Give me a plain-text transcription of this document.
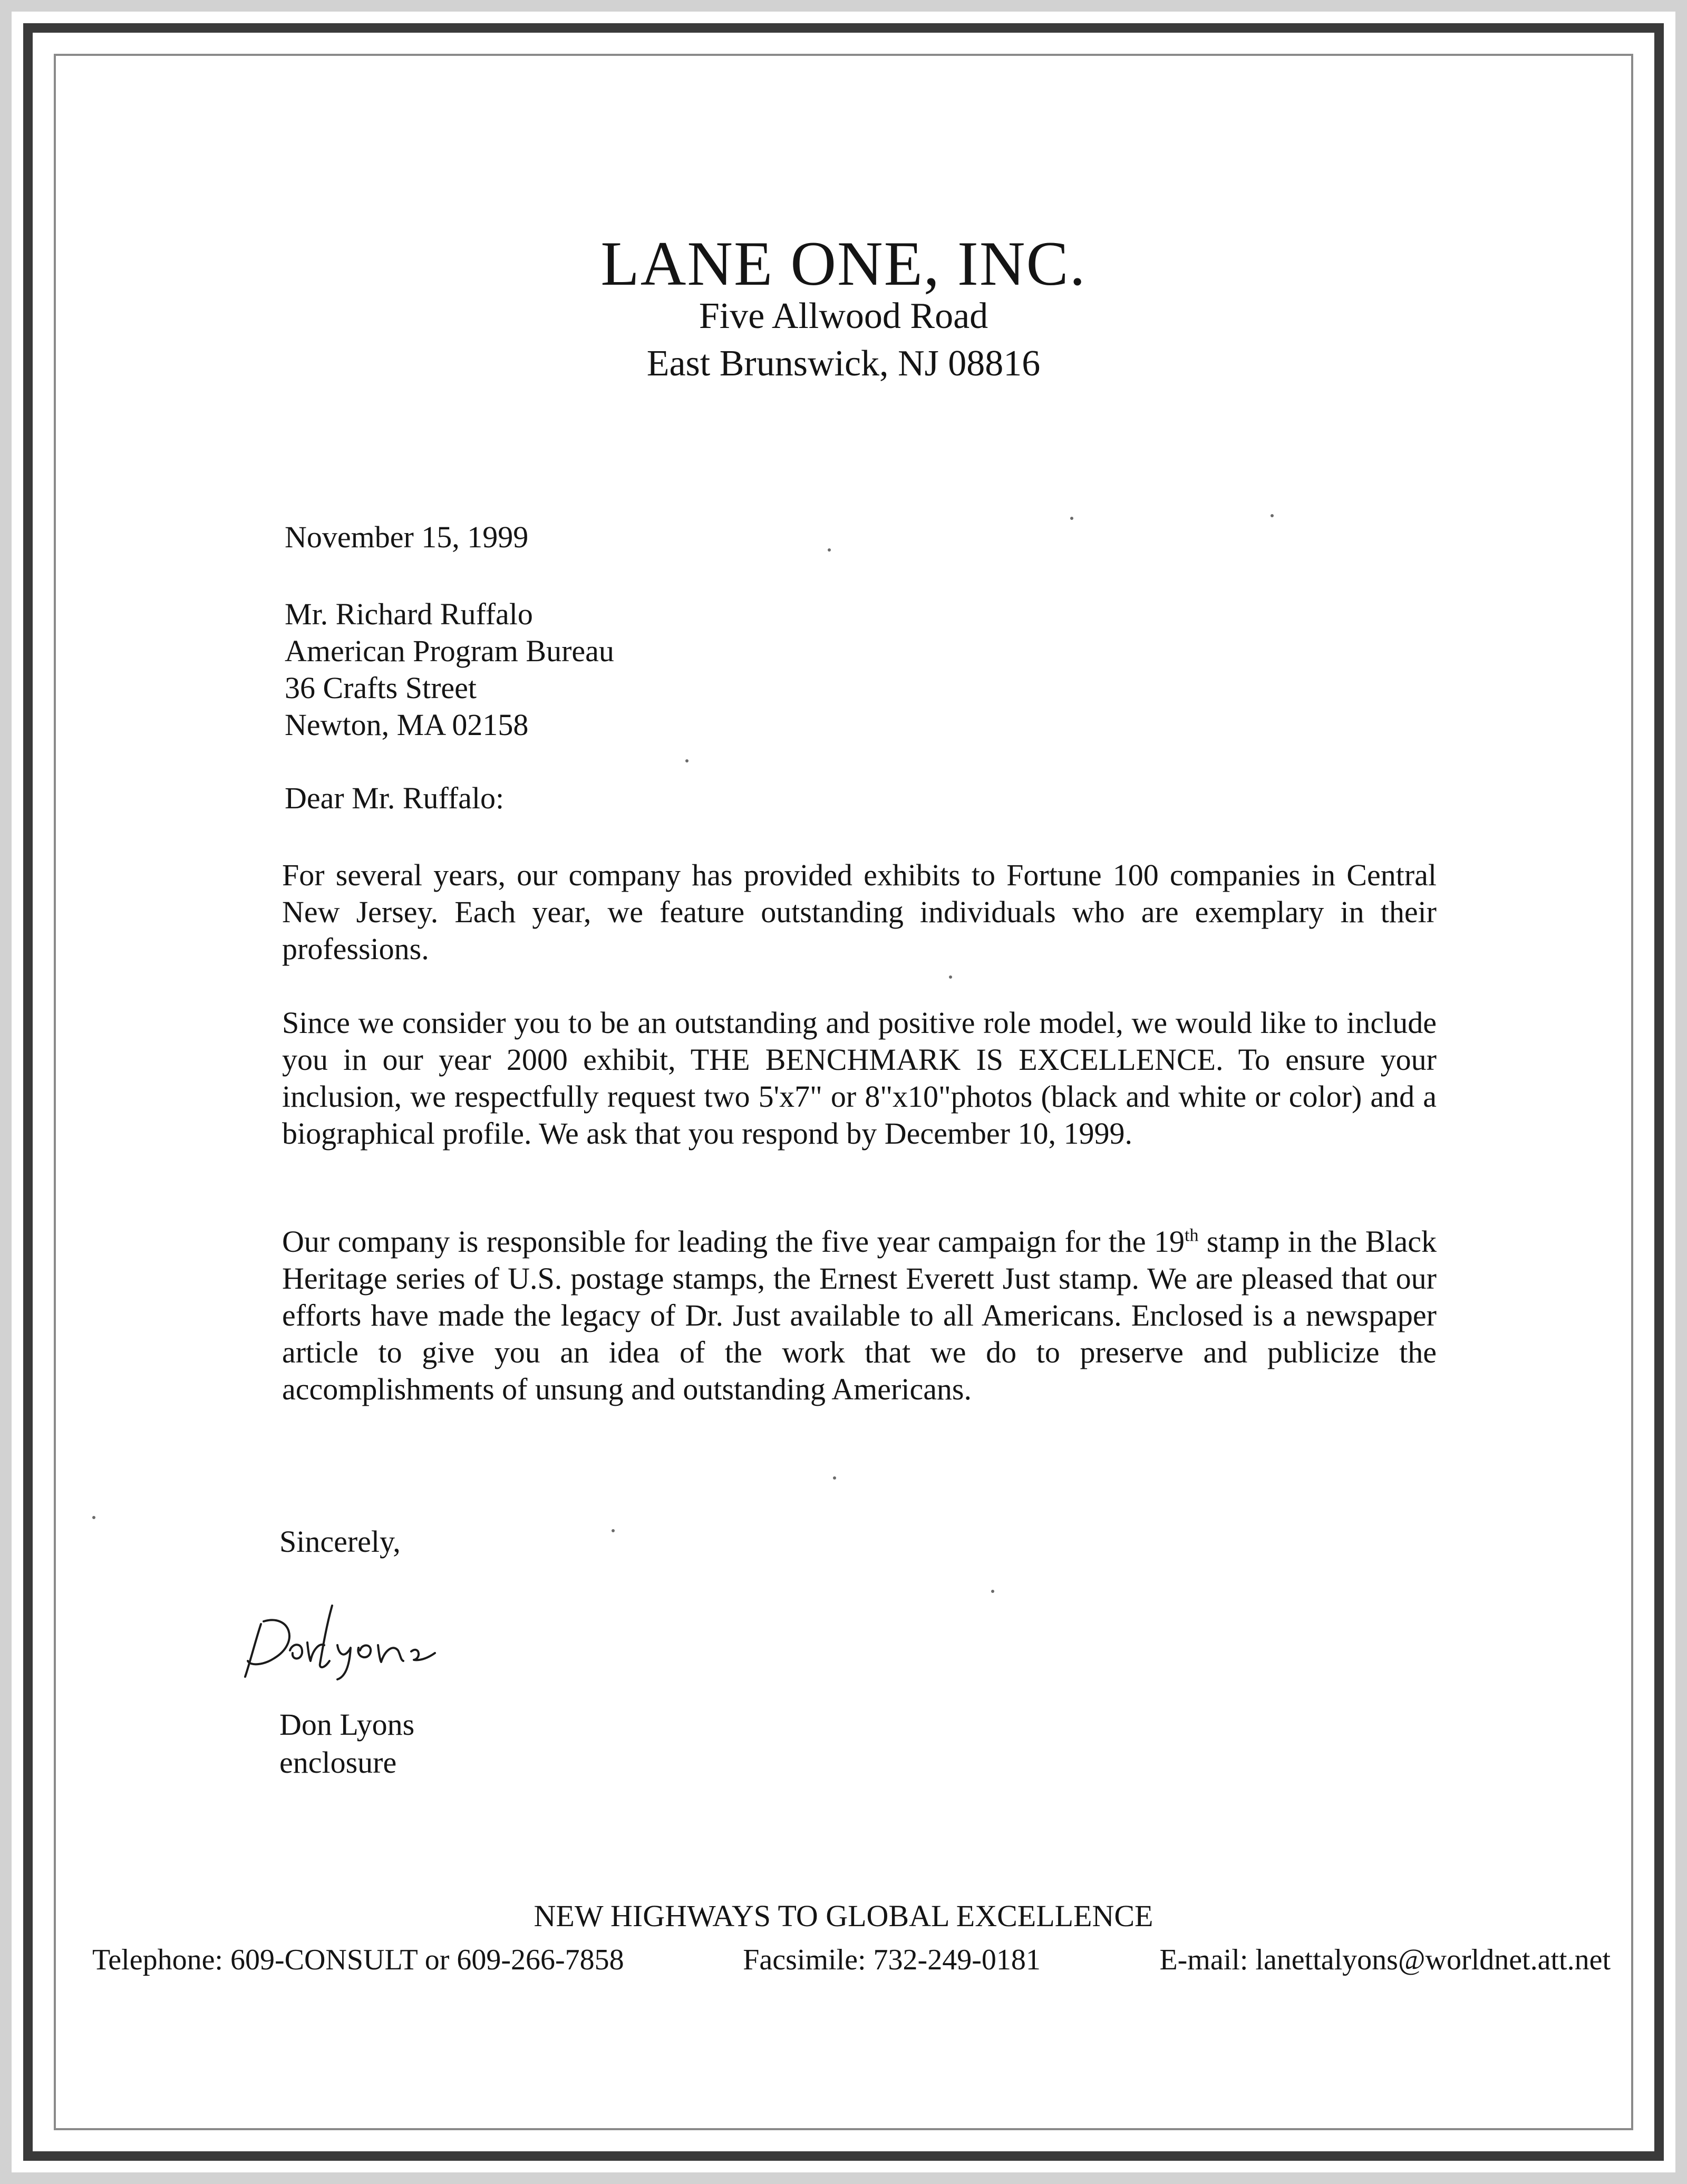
LANE ONE, INC.
Five Allwood Road
East Brunswick, NJ 08816
November 15, 1999
Mr. Richard Ruffalo
American Program Bureau
36 Crafts Street
Newton, MA 02158
Dear Mr. Ruffalo:
For several years, our company has provided exhibits to Fortune 100 companies in Central New Jersey. Each year, we feature outstanding individuals who are exemplary in their professions.
Since we consider you to be an outstanding and positive role model, we would like to include you in our year 2000 exhibit, THE BENCHMARK IS EXCELLENCE. To ensure your inclusion, we respectfully request two 5'x7" or 8"x10"photos (black and white or color) and a biographical profile. We ask that you respond by December 10, 1999.
Our company is responsible for leading the five year campaign for the 19th stamp in the Black Heritage series of U.S. postage stamps, the Ernest Everett Just stamp. We are pleased that our efforts have made the legacy of Dr. Just available to all Americans. Enclosed is a newspaper article to give you an idea of the work that we do to preserve and publicize the accomplishments of unsung and outstanding Americans.
Sincerely,
Don Lyons
enclosure
NEW HIGHWAYS TO GLOBAL EXCELLENCE
Telephone: 609-CONSULT or 609-266-7858	Facsimile: 732-249-0181	E-mail: lanettalyons@worldnet.att.net
